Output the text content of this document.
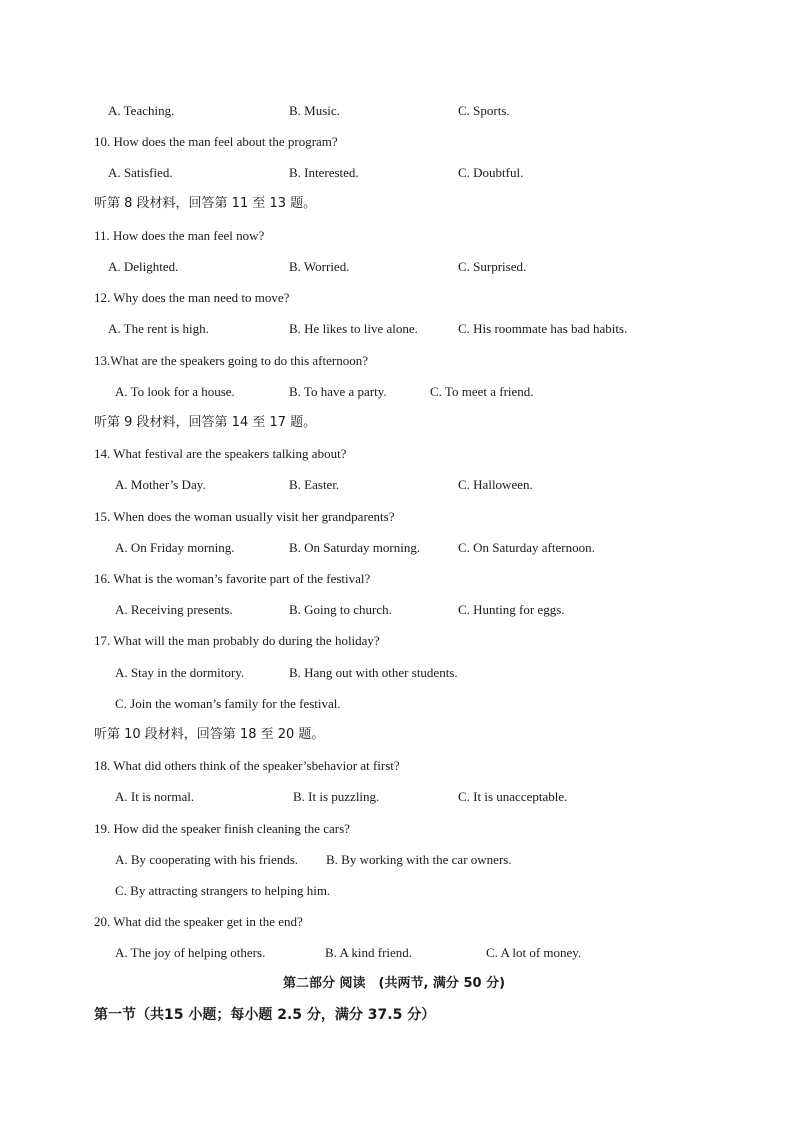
A. Teaching.	B. Music.	C. Sports.
10. How does the man feel about the program?
A. Satisfied.	B. Interested.	C. Doubtful.
听第 8 段材料，回答第 11 至 13 题。
11. How does the man feel now?
A. Delighted.	B. Worried.	C. Surprised.
12. Why does the man need to move?
A. The rent is high.	B. He likes to live alone.	C. His roommate has bad habits.
13.What are the speakers going to do this afternoon?
A. To look for a house.	B. To have a party.	C. To meet a friend.
听第 9 段材料，回答第 14 至 17 题。
14. What festival are the speakers talking about?
A. Mother’s Day.	B. Easter.	C. Halloween.
15. When does the woman usually visit her grandparents?
A. On Friday morning.	B. On Saturday morning.	C. On Saturday afternoon.
16. What is the woman’s favorite part of the festival?
A. Receiving presents.	B. Going to church.	C. Hunting for eggs.
17. What will the man probably do during the holiday?
A. Stay in the dormitory.	B. Hang out with other students.
C. Join the woman’s family for the festival.
听第 10 段材料，回答第 18 至 20 题。
18. What did others think of the speaker’sbehavior at first?
A. It is normal.	B. It is puzzling.	C. It is unacceptable.
19. How did the speaker finish cleaning the cars?
A. By cooperating with his friends. B. By working with the car owners.
C. By attracting strangers to helping him.
20. What did the speaker get in the end?
A. The joy of helping others.	B. A kind friend.	C. A lot of money.
第二部分 阅读　(共两节, 满分 50 分)
第一节（共15 小题；每小题 2.5 分，满分 37.5 分）
